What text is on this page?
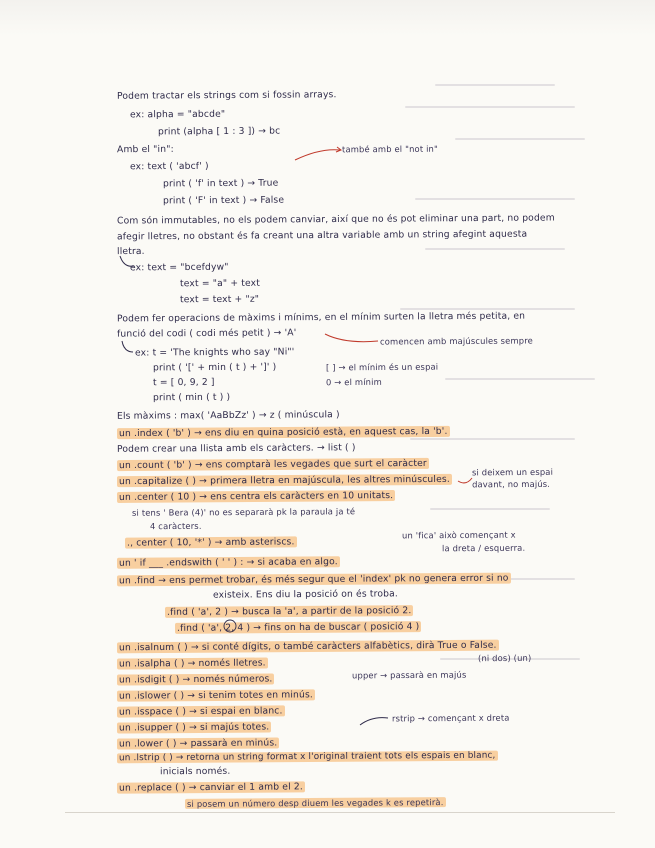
Podem tractar els strings com si fossin arrays.
ex: alpha = "abcde"
print (alpha [ 1 : 3 ]) → bc
Amb el "in":	també amb el "not in"
ex: text ( 'abcf' )
print ( 'f' in text ) → True
print ( 'F' in text ) → False
Com són immutables, no els podem canviar, així que no és pot eliminar una part, no podem
afegir lletres, no obstant és fa creant una altra variable amb un string afegint aquesta
lletra.
ex: text = "bcefdyw"
text = "a" + text
text = text + "z"
Podem fer operacions de màxims i mínims, en el mínim surten la lletra més petita, en
funció del codi ( codi més petit ) → 'A'
comencen amb majúscules sempre
ex: t = 'The knights who say "Ni"'
print ( '[' + min ( t ) + ']' )	[ ] → el mínim és un espai
t = [ 0, 9, 2 ]	0 → el mínim
print ( min ( t ) )
Els màxims : max( 'AaBbZz' ) → z ( minúscula )
un .index ( 'b' ) → ens diu en quina posició està, en aquest cas, la 'b'.
Podem crear una llista amb els caràcters. → list ( )
un .count ( 'b' ) → ens comptarà les vegades que surt el caràcter
un .capitalize ( ) → primera lletra en majúscula, les altres minúscules.
si deixem un espai davant, no majús.
un .center ( 10 ) → ens centra els caràcters en 10 unitats.
si tens ' Bera (4)' no es separarà pk la paraula ja té
4 caràcters.
., center ( 10, '*' ) → amb asteriscs.
un 'fica' això començant x
la dreta / esquerra.
un ' if ___ .endswith ( ' ' ) : → si acaba en algo.
un .find → ens permet trobar, és més segur que el 'index' pk no genera error si no
existeix. Ens diu la posició on és troba.
.find ( 'a', 2 ) → busca la 'a', a partir de la posició 2.
.find ( 'a', 2, 4 ) → fins on ha de buscar ( posició 4 )
un .isalnum ( ) → si conté dígits, o també caràcters alfabètics, dirà True o False.
(ni dos) (un)
un .isalpha ( ) → només lletres.
un .isdigit ( ) → només números.	upper → passarà en majús
un .islower ( ) → si tenim totes en minús.
un .isspace ( ) → si espai en blanc.
un .isupper ( ) → si majús totes.
rstrip → començant x dreta
un .lower ( ) → passarà en minús.
un .lstrip ( ) → retorna un string format x l'original traient tots els espais en blanc,
inicials només.
un .replace ( ) → canviar el 1 amb el 2.
si posem un número desp diuem les vegades k es repetirà.
